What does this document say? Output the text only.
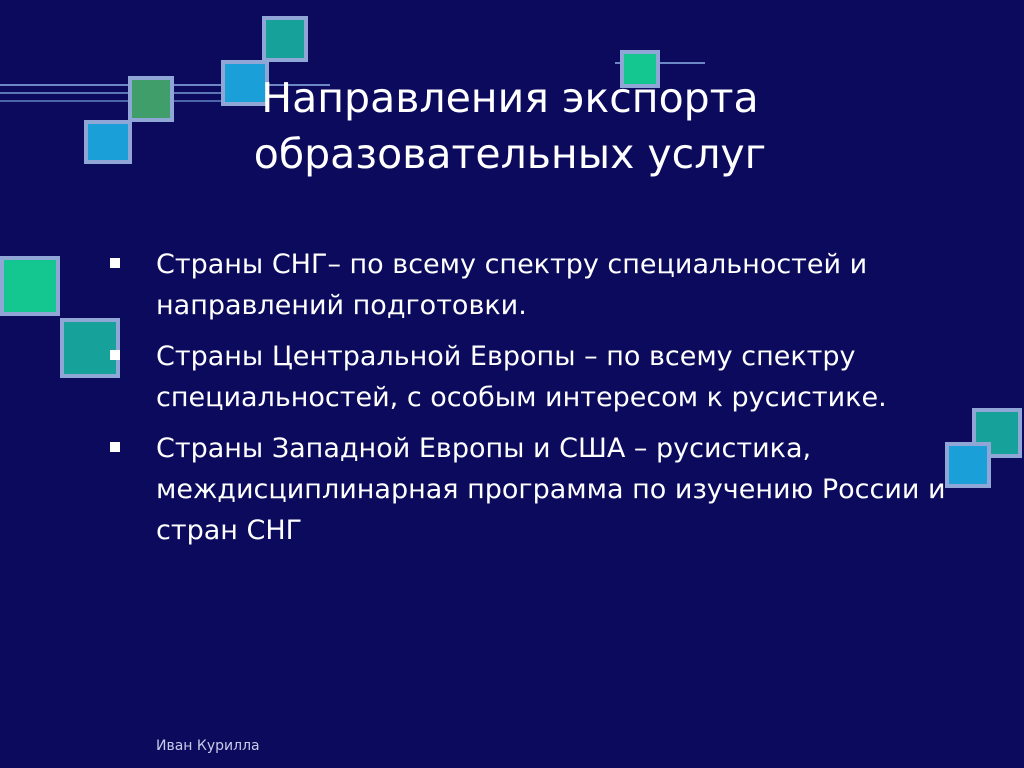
Направления экспорта образовательных услуг
Страны СНГ– по всему спектру специальностей и направлений подготовки.
Страны Центральной Европы – по всему спектру специальностей, с особым интересом к русистике.
Страны Западной Европы и США – русистика, междисциплинарная программа по изучению России и стран СНГ
Иван Курилла
